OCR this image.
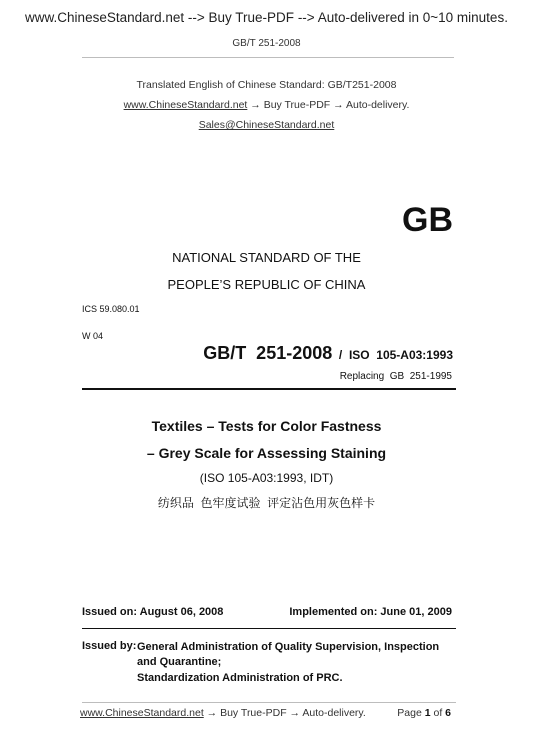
www.ChineseStandard.net --> Buy True-PDF --> Auto-delivered in 0~10 minutes.
GB/T 251-2008
Translated English of Chinese Standard: GB/T251-2008
www.ChineseStandard.net → Buy True-PDF → Auto-delivery.
Sales@ChineseStandard.net
GB
NATIONAL STANDARD OF THE
PEOPLE’S REPUBLIC OF CHINA
ICS 59.080.01
W 04
GB/T  251-2008  /  ISO  105-A03:1993
Replacing  GB  251-1995
Textiles – Tests for Color Fastness
– Grey Scale for Assessing Staining
(ISO 105-A03:1993, IDT)
纺织品  色牢度试验  评定沾色用灰色样卡
Issued on: August 06, 2008	Implemented on: June 01, 2009
Issued by: General Administration of Quality Supervision, Inspection and Quarantine;
Standardization Administration of PRC.
www.ChineseStandard.net → Buy True-PDF → Auto-delivery.	Page 1 of 6
